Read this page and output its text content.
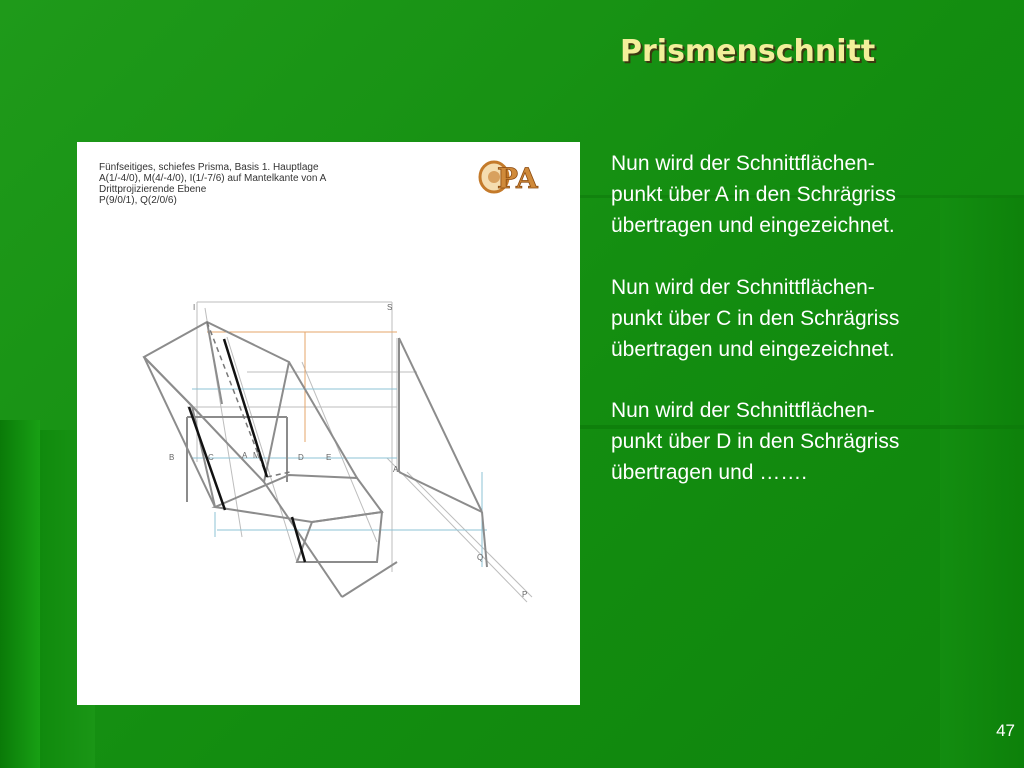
Prismenschnitt
Fünfseitiges, schiefes Prisma, Basis 1. Hauptlage
A(1/-4/0), M(4/-4/0), I(1/-7/6) auf Mantelkante von A
Drittprojizierende Ebene
P(9/0/1), Q(2/0/6)
PA
I	S
B	C	A M	D	E
A
Q
P
Nun wird der Schnittflächen-
punkt über A in den Schrägriss
übertragen und eingezeichnet.
Nun wird der Schnittflächen-
punkt über C in den Schrägriss
übertragen und eingezeichnet.
Nun wird der Schnittflächen-
punkt über D in den Schrägriss
übertragen und …….
47
